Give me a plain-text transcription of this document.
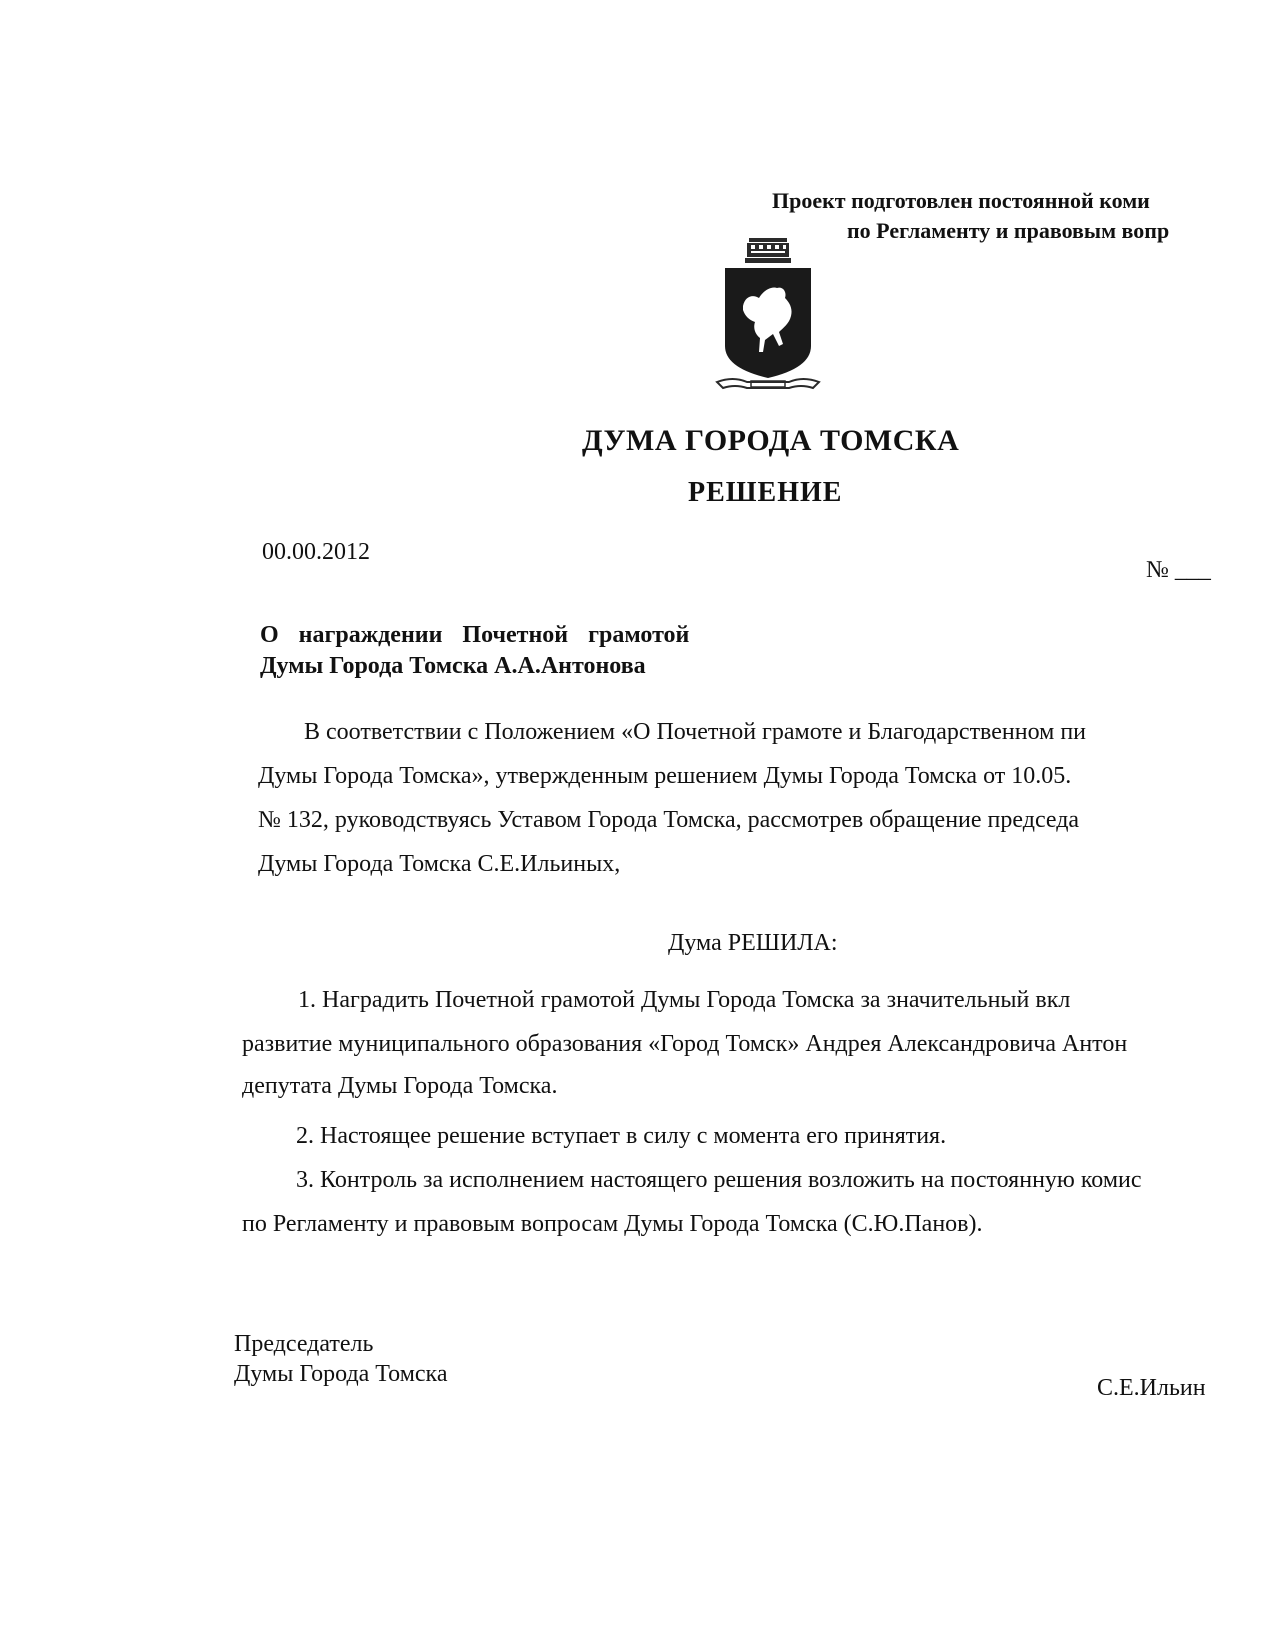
Проект подготовлен постоянной коми
по Регламенту и правовым вопр
ДУМА ГОРОДА ТОМСКА
РЕШЕНИЕ
00.00.2012
№ ___
О награждении Почетной грамотой
Думы Города Томска А.А.Антонова
В соответствии с Положением «О Почетной грамоте и Благодарственном пи
Думы Города Томска», утвержденным решением Думы Города Томска от 10.05.
№ 132, руководствуясь Уставом Города Томска, рассмотрев обращение председа
Думы Города Томска С.Е.Ильиных,
Дума РЕШИЛА:
1. Наградить Почетной грамотой Думы Города Томска за значительный вкл
развитие муниципального образования «Город Томск» Андрея Александровича Антон
депутата Думы Города Томска.
2. Настоящее решение вступает в силу с момента его принятия.
3. Контроль за исполнением настоящего решения возложить на постоянную комис
по Регламенту и правовым вопросам Думы Города Томска (С.Ю.Панов).
Председатель
Думы Города Томска
С.Е.Ильин
